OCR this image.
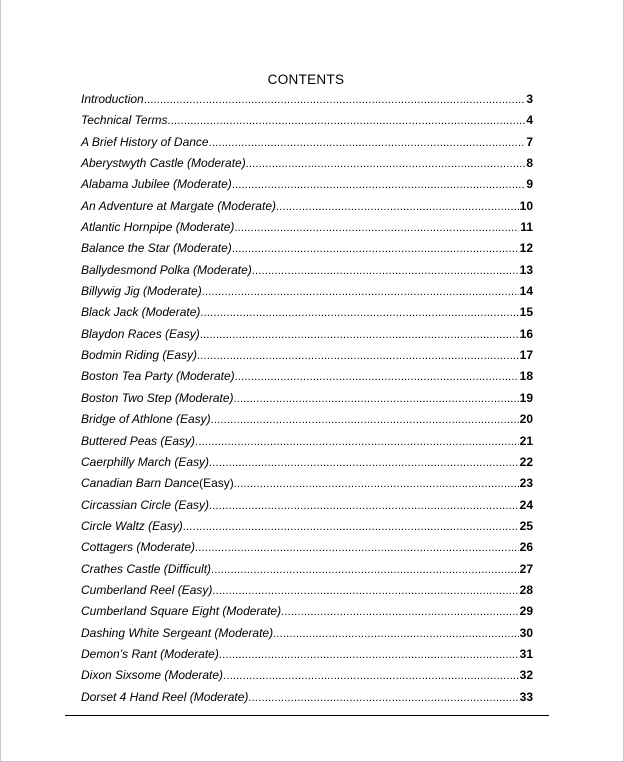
CONTENTS
Introduction .....	3
Technical Terms .....	4
A Brief History of Dance .....	7
Aberystwyth Castle (Moderate) .....	8
Alabama Jubilee (Moderate) .....	9
An Adventure at Margate (Moderate) .....	10
Atlantic Hornpipe (Moderate) .....	11
Balance the Star (Moderate) .....	12
Ballydesmond Polka (Moderate) .....	13
Billywig Jig (Moderate) .....	14
Black Jack (Moderate) .....	15
Blaydon Races (Easy) .....	16
Bodmin Riding (Easy) .....	17
Boston Tea Party (Moderate) .....	18
Boston Two Step (Moderate) .....	19
Bridge of Athlone (Easy) .....	20
Buttered Peas (Easy) .....	21
Caerphilly March (Easy) .....	22
Canadian Barn Dance (Easy) .....	23
Circassian Circle (Easy) .....	24
Circle Waltz (Easy) .....	25
Cottagers (Moderate) .....	26
Crathes Castle (Difficult) .....	27
Cumberland Reel (Easy) .....	28
Cumberland Square Eight (Moderate) .....	29
Dashing White Sergeant (Moderate) .....	30
Demon’s Rant (Moderate) .....	31
Dixon Sixsome (Moderate) .....	32
Dorset 4 Hand Reel (Moderate) .....	33
